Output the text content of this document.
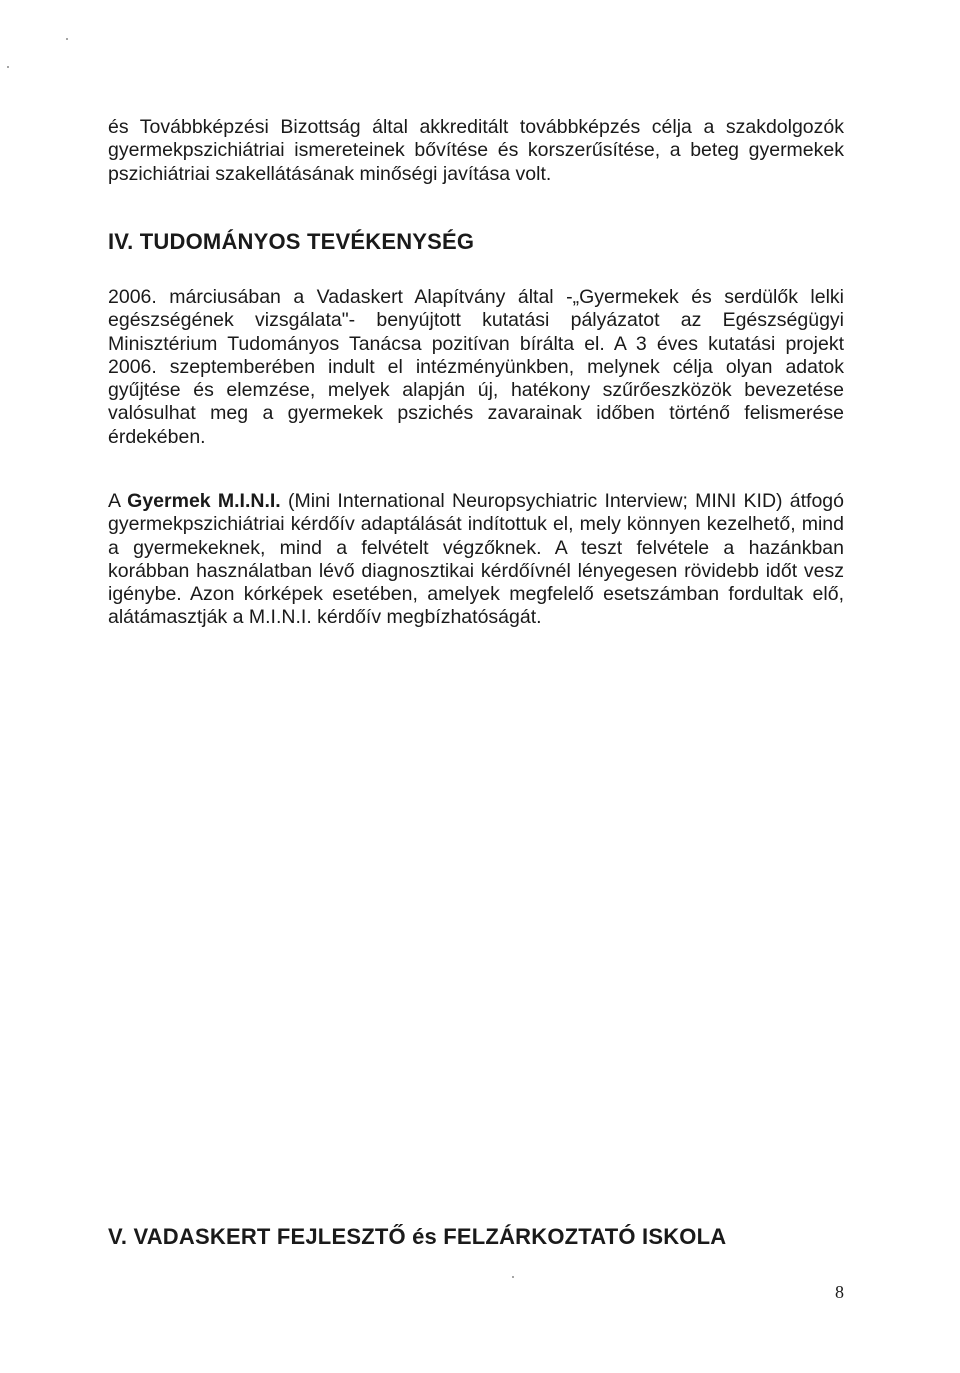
és Továbbképzési Bizottság által akkreditált továbbképzés célja a szakdolgozók
gyermekpszichiátriai ismereteinek bővítése és korszerűsítése, a beteg gyermekek
pszichiátriai szakellátásának minőségi javítása volt.

IV. TUDOMÁNYOS TEVÉKENYSÉG

2006. márciusában a Vadaskert Alapítvány által -„Gyermekek és serdülők lelki
egészségének vizsgálata"- benyújtott kutatási pályázatot az Egészségügyi
Minisztérium Tudományos Tanácsa pozitívan bírálta el. A 3 éves kutatási projekt
2006. szeptemberében indult el intézményünkben, melynek célja olyan adatok
gyűjtése és elemzése, melyek alapján új, hatékony szűrőeszközök bevezetése
valósulhat meg a gyermekek pszichés zavarainak időben történő felismerése
érdekében.

A Gyermek M.I.N.I. (Mini International Neuropsychiatric Interview; MINI KID) átfogó
gyermekpszichiátriai kérdőív adaptálását indítottuk el, mely könnyen kezelhető, mind
a gyermekeknek, mind a felvételt végzőknek. A teszt felvétele a hazánkban
korábban használatban lévő diagnosztikai kérdőívnél lényegesen rövidebb időt vesz
igénybe. Azon kórképek esetében, amelyek megfelelő esetszámban fordultak elő,
alátámasztják a M.I.N.I. kérdőív megbízhatóságát.

V. VADASKERT FEJLESZTŐ és FELZÁRKOZTATÓ ISKOLA
8
